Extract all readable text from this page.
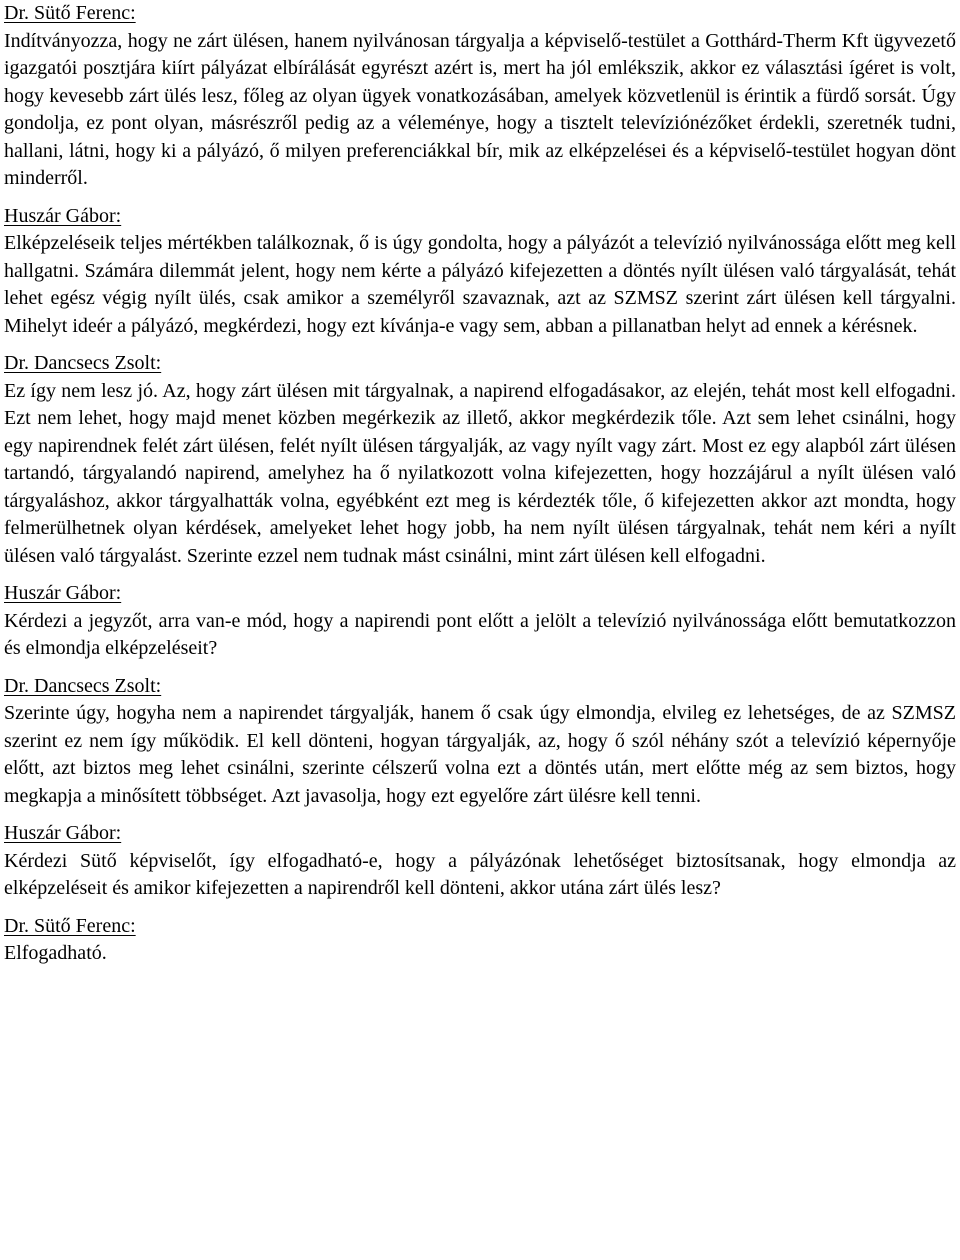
Dr. Sütő Ferenc:
Indítványozza, hogy ne zárt ülésen, hanem nyilvánosan tárgyalja a képviselő-testület a Gotthárd-Therm Kft ügyvezető igazgatói posztjára kiírt pályázat elbírálását egyrészt azért is, mert ha jól emlékszik, akkor ez választási ígéret is volt, hogy kevesebb zárt ülés lesz, főleg az olyan ügyek vonatkozásában, amelyek közvetlenül is érintik a fürdő sorsát. Úgy gondolja, ez pont olyan, másrészről pedig az a véleménye, hogy a tisztelt televíziónézőket érdekli, szeretnék tudni, hallani, látni, hogy ki a pályázó, ő milyen preferenciákkal bír, mik az elképzelései és a képviselő-testület hogyan dönt minderről.
Huszár Gábor:
Elképzeléseik teljes mértékben találkoznak, ő is úgy gondolta, hogy a pályázót a televízió nyilvánossága előtt meg kell hallgatni. Számára dilemmát jelent, hogy nem kérte a pályázó kifejezetten a döntés nyílt ülésen való tárgyalását, tehát lehet egész végig nyílt ülés, csak amikor a személyről szavaznak, azt az SZMSZ szerint zárt ülésen kell tárgyalni. Mihelyt ideér a pályázó, megkérdezi, hogy ezt kívánja-e vagy sem, abban a pillanatban helyt ad ennek a kérésnek.
Dr. Dancsecs Zsolt:
Ez így nem lesz jó. Az, hogy zárt ülésen mit tárgyalnak, a napirend elfogadásakor, az elején, tehát most kell elfogadni. Ezt nem lehet, hogy majd menet közben megérkezik az illető, akkor megkérdezik tőle. Azt sem lehet csinálni, hogy egy napirendnek felét zárt ülésen, felét nyílt ülésen tárgyalják, az vagy nyílt vagy zárt. Most ez egy alapból zárt ülésen tartandó, tárgyalandó napirend, amelyhez ha ő nyilatkozott volna kifejezetten, hogy hozzájárul a nyílt ülésen való tárgyaláshoz, akkor tárgyalhatták volna, egyébként ezt meg is kérdezték tőle, ő kifejezetten akkor azt mondta, hogy felmerülhetnek olyan kérdések, amelyeket lehet hogy jobb, ha nem nyílt ülésen tárgyalnak, tehát nem kéri a nyílt ülésen való tárgyalást. Szerinte ezzel nem tudnak mást csinálni, mint zárt ülésen kell elfogadni.
Huszár Gábor:
Kérdezi a jegyzőt, arra van-e mód, hogy a napirendi pont előtt a jelölt a televízió nyilvánossága előtt bemutatkozzon és elmondja elképzeléseit?
Dr. Dancsecs Zsolt:
Szerinte úgy, hogyha nem a napirendet tárgyalják, hanem ő csak úgy elmondja, elvileg ez lehetséges, de az SZMSZ szerint ez nem így működik. El kell dönteni, hogyan tárgyalják, az, hogy ő szól néhány szót a televízió képernyője előtt, azt biztos meg lehet csinálni, szerinte célszerű volna ezt a döntés után, mert előtte még az sem biztos, hogy megkapja a minősített többséget. Azt javasolja, hogy ezt egyelőre zárt ülésre kell tenni.
Huszár Gábor:
Kérdezi Sütő képviselőt, így elfogadható-e, hogy a pályázónak lehetőséget biztosítsanak, hogy elmondja az elképzeléseit és amikor kifejezetten a napirendről kell dönteni, akkor utána zárt ülés lesz?
Dr. Sütő Ferenc:
Elfogadható.
